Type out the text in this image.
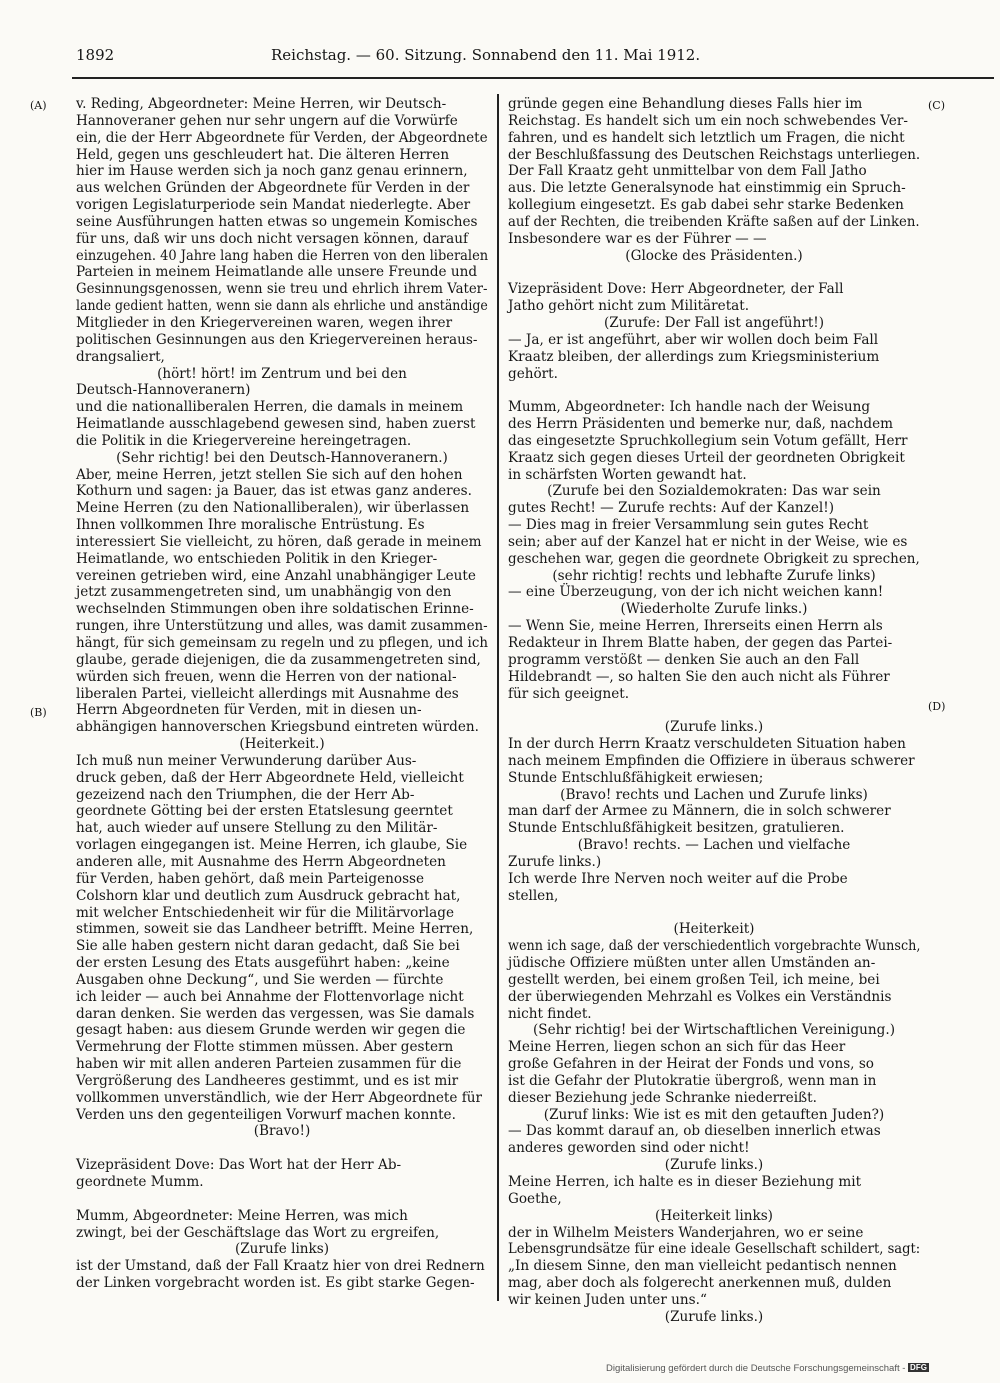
1892	Reichstag. — 60. Sitzung. Sonnabend den 11. Mai 1912.
(A)
(B)
(C)
(D)

v. Reding, Abgeordneter: Meine Herren, wir Deutsch-

Hannoveraner gehen nur sehr ungern auf die Vorwürfe

ein, die der Herr Abgeordnete für Verden, der Abgeordnete

Held, gegen uns geschleudert hat. Die älteren Herren

hier im Hause werden sich ja noch ganz genau erinnern,

aus welchen Gründen der Abgeordnete für Verden in der

vorigen Legislaturperiode sein Mandat niederlegte. Aber

seine Ausführungen hatten etwas so ungemein Komisches

für uns, daß wir uns doch nicht versagen können, darauf

einzugehen. 40 Jahre lang haben die Herren von den liberalen

Parteien in meinem Heimatlande alle unsere Freunde und

Gesinnungsgenossen, wenn sie treu und ehrlich ihrem Vater-

lande gedient hatten, wenn sie dann als ehrliche und anständige

Mitglieder in den Kriegervereinen waren, wegen ihrer

politischen Gesinnungen aus den Kriegervereinen heraus-

drangsaliert,

(hört! hört! im Zentrum und bei den

Deutsch-Hannoveranern)

und die nationalliberalen Herren, die damals in meinem

Heimatlande ausschlagebend gewesen sind, haben zuerst

die Politik in die Kriegervereine hereingetragen.

(Sehr richtig! bei den Deutsch-Hannoveranern.)

Aber, meine Herren, jetzt stellen Sie sich auf den hohen

Kothurn und sagen: ja Bauer, das ist etwas ganz anderes.

Meine Herren (zu den Nationalliberalen), wir überlassen

Ihnen vollkommen Ihre moralische Entrüstung. Es

interessiert Sie vielleicht, zu hören, daß gerade in meinem

Heimatlande, wo entschieden Politik in den Krieger-

vereinen getrieben wird, eine Anzahl unabhängiger Leute

jetzt zusammengetreten sind, um unabhängig von den

wechselnden Stimmungen oben ihre soldatischen Erinne-

rungen, ihre Unterstützung und alles, was damit zusammen-

hängt, für sich gemeinsam zu regeln und zu pflegen, und ich

glaube, gerade diejenigen, die da zusammengetreten sind,

würden sich freuen, wenn die Herren von der national-

liberalen Partei, vielleicht allerdings mit Ausnahme des

Herrn Abgeordneten für Verden, mit in diesen un-

abhängigen hannoverschen Kriegsbund eintreten würden.

(Heiterkeit.)

Ich muß nun meiner Verwunderung darüber Aus-

druck geben, daß der Herr Abgeordnete Held, vielleicht

gezeizend nach den Triumphen, die der Herr Ab-

geordnete Götting bei der ersten Etatslesung geerntet

hat, auch wieder auf unsere Stellung zu den Militär-

vorlagen eingegangen ist. Meine Herren, ich glaube, Sie

anderen alle, mit Ausnahme des Herrn Abgeordneten

für Verden, haben gehört, daß mein Parteigenosse

Colshorn klar und deutlich zum Ausdruck gebracht hat,

mit welcher Entschiedenheit wir für die Militärvorlage

stimmen, soweit sie das Landheer betrifft. Meine Herren,

Sie alle haben gestern nicht daran gedacht, daß Sie bei

der ersten Lesung des Etats ausgeführt haben: „keine

Ausgaben ohne Deckung“, und Sie werden — fürchte

ich leider — auch bei Annahme der Flottenvorlage nicht

daran denken. Sie werden das vergessen, was Sie damals

gesagt haben: aus diesem Grunde werden wir gegen die

Vermehrung der Flotte stimmen müssen. Aber gestern

haben wir mit allen anderen Parteien zusammen für die

Vergrößerung des Landheeres gestimmt, und es ist mir

vollkommen unverständlich, wie der Herr Abgeordnete für

Verden uns den gegenteiligen Vorwurf machen konnte.

(Bravo!)

Vizepräsident Dove: Das Wort hat der Herr Ab-

geordnete Mumm.

Mumm, Abgeordneter: Meine Herren, was mich

zwingt, bei der Geschäftslage das Wort zu ergreifen,

(Zurufe links)

ist der Umstand, daß der Fall Kraatz hier von drei Rednern

der Linken vorgebracht worden ist. Es gibt starke Gegen-

gründe gegen eine Behandlung dieses Falls hier im

Reichstag. Es handelt sich um ein noch schwebendes Ver-

fahren, und es handelt sich letztlich um Fragen, die nicht

der Beschlußfassung des Deutschen Reichstags unterliegen.

Der Fall Kraatz geht unmittelbar von dem Fall Jatho

aus. Die letzte Generalsynode hat einstimmig ein Spruch-

kollegium eingesetzt. Es gab dabei sehr starke Bedenken

auf der Rechten, die treibenden Kräfte saßen auf der Linken.

Insbesondere war es der Führer — —

(Glocke des Präsidenten.)

Vizepräsident Dove: Herr Abgeordneter, der Fall

Jatho gehört nicht zum Militäretat.

(Zurufe: Der Fall ist angeführt!)

— Ja, er ist angeführt, aber wir wollen doch beim Fall

Kraatz bleiben, der allerdings zum Kriegsministerium

gehört.

Mumm, Abgeordneter: Ich handle nach der Weisung

des Herrn Präsidenten und bemerke nur, daß, nachdem

das eingesetzte Spruchkollegium sein Votum gefällt, Herr

Kraatz sich gegen dieses Urteil der geordneten Obrigkeit

in schärfsten Worten gewandt hat.

(Zurufe bei den Sozialdemokraten: Das war sein

gutes Recht! — Zurufe rechts: Auf der Kanzel!)

— Dies mag in freier Versammlung sein gutes Recht

sein; aber auf der Kanzel hat er nicht in der Weise, wie es

geschehen war, gegen die geordnete Obrigkeit zu sprechen,

(sehr richtig! rechts und lebhafte Zurufe links)

— eine Überzeugung, von der ich nicht weichen kann!

(Wiederholte Zurufe links.)

— Wenn Sie, meine Herren, Ihrerseits einen Herrn als

Redakteur in Ihrem Blatte haben, der gegen das Partei-

programm verstößt — denken Sie auch an den Fall

Hildebrandt —, so halten Sie den auch nicht als Führer

für sich geeignet.

(Zurufe links.)

In der durch Herrn Kraatz verschuldeten Situation haben

nach meinem Empfinden die Offiziere in überaus schwerer

Stunde Entschlußfähigkeit erwiesen;

(Bravo! rechts und Lachen und Zurufe links)

man darf der Armee zu Männern, die in solch schwerer

Stunde Entschlußfähigkeit besitzen, gratulieren.

(Bravo! rechts. — Lachen und vielfache

Zurufe links.)

Ich werde Ihre Nerven noch weiter auf die Probe

stellen,

(Heiterkeit)

wenn ich sage, daß der verschiedentlich vorgebrachte Wunsch,

jüdische Offiziere müßten unter allen Umständen an-

gestellt werden, bei einem großen Teil, ich meine, bei

der überwiegenden Mehrzahl es Volkes ein Verständnis

nicht findet.

(Sehr richtig! bei der Wirtschaftlichen Vereinigung.)

Meine Herren, liegen schon an sich für das Heer

große Gefahren in der Heirat der Fonds und vons, so

ist die Gefahr der Plutokratie übergroß, wenn man in

dieser Beziehung jede Schranke niederreißt.

(Zuruf links: Wie ist es mit den getauften Juden?)

— Das kommt darauf an, ob dieselben innerlich etwas

anderes geworden sind oder nicht!

(Zurufe links.)

Meine Herren, ich halte es in dieser Beziehung mit

Goethe,

(Heiterkeit links)

der in Wilhelm Meisters Wanderjahren, wo er seine

Lebensgrundsätze für eine ideale Gesellschaft schildert, sagt:

„In diesem Sinne, den man vielleicht pedantisch nennen

mag, aber doch als folgerecht anerkennen muß, dulden

wir keinen Juden unter uns.“

(Zurufe links.)

Digitalisierung gefördert durch die Deutsche Forschungsgemeinschaft - DFG
